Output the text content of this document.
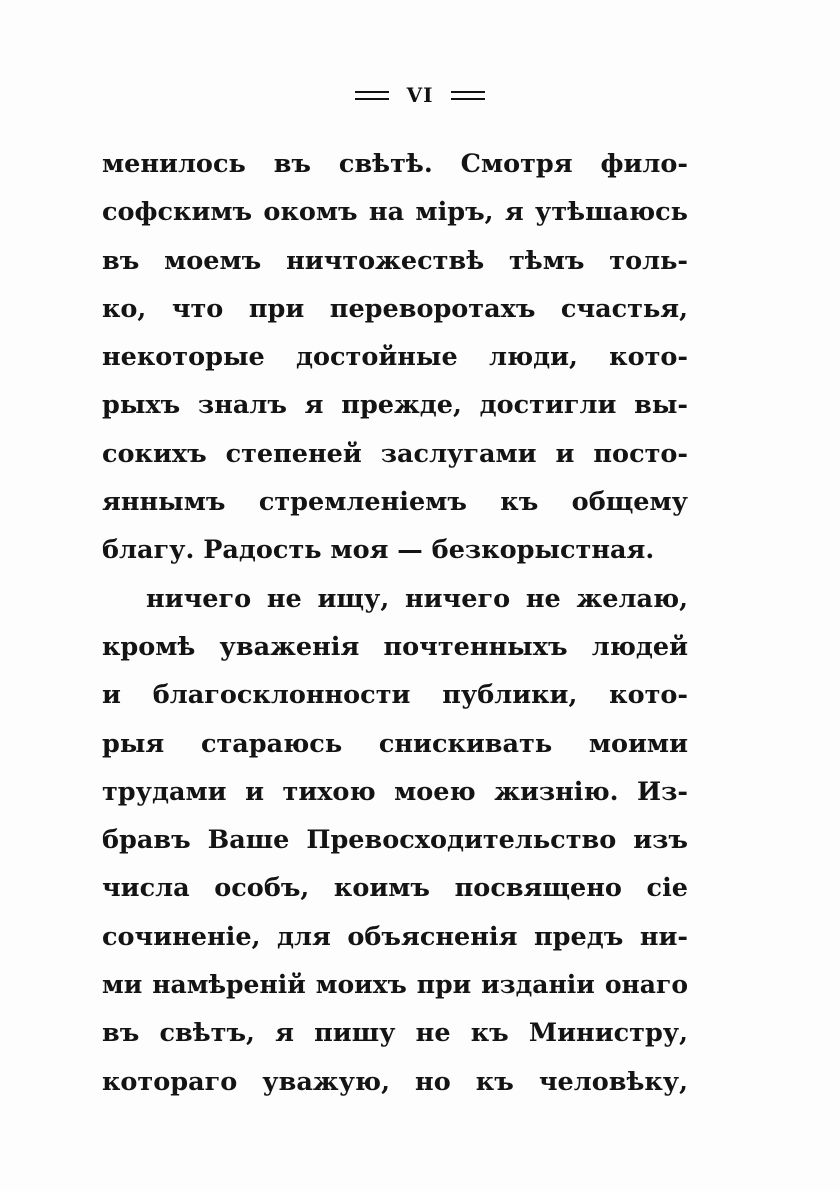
VI
менилось въ свѣтѣ. Смотря фило-
софскимъ окомъ на міръ, я утѣшаюсь
въ моемъ ничтожествѣ тѣмъ толь-
ко, что при переворотахъ счастья,
некоторые достойные люди, кото-
рыхъ зналъ я прежде, достигли вы-
сокихъ степеней заслугами и посто-
яннымъ стремленіемъ къ общему
благу. Радость моя — безкорыстная.
ничего не ищу, ничего не желаю,
кромѣ уваженія почтенныхъ людей
и благосклонности публики, кото-
рыя стараюсь снискивать моими
трудами и тихою моею жизнію. Из-
бравъ Ваше Превосходительство изъ
числа особъ, коимъ посвящено сіе
сочиненіе, для объясненія предъ ни-
ми намѣреній моихъ при изданіи онаго
въ свѣтъ, я пишу не къ Министру,
котораго уважую, но къ человѣку,
